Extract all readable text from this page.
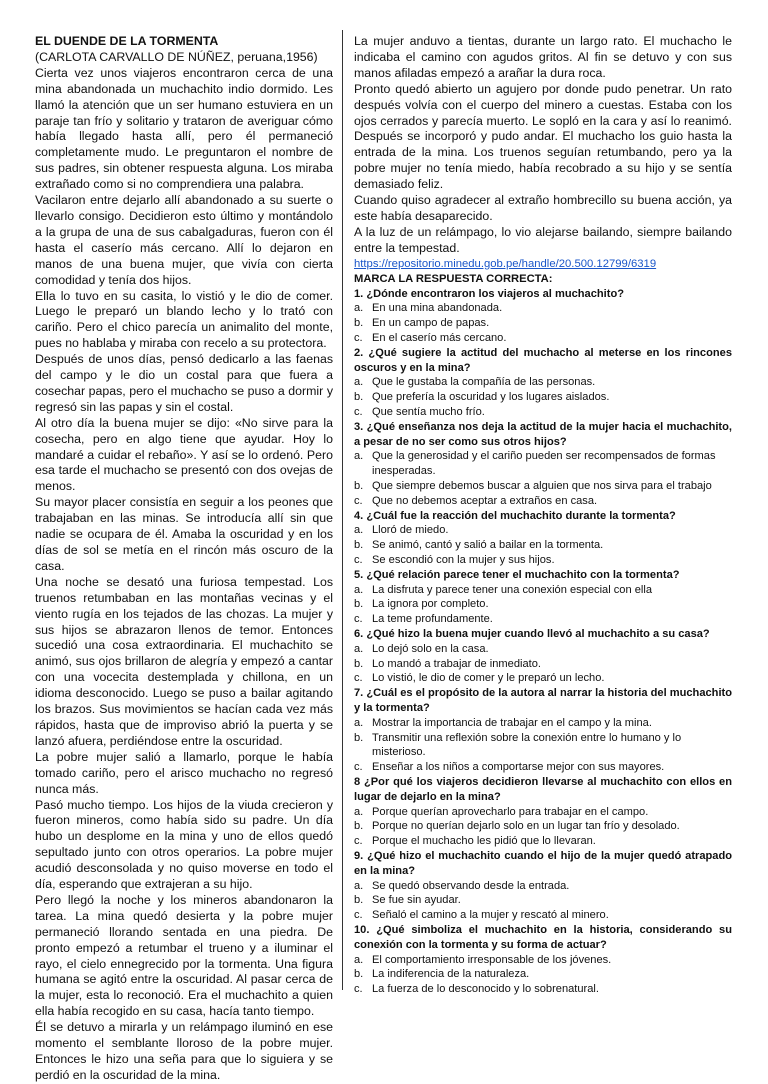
EL DUENDE DE LA TORMENTA

(CARLOTA CARVALLO DE NÚÑEZ, peruana,1956)

Cierta vez unos viajeros encontraron cerca de una mina abandonada un muchachito indio dormido. Les llamó la atención que un ser humano estuviera en un paraje tan frío y solitario y trataron de averiguar cómo había llegado hasta allí, pero él permaneció completamente mudo. Le preguntaron el nombre de sus padres, sin obtener respuesta alguna. Los miraba extrañado como si no comprendiera una palabra.

Vacilaron entre dejarlo allí abandonado a su suerte o llevarlo consigo. Decidieron esto último y montándolo a la grupa de una de sus cabalgaduras, fueron con él hasta el caserío más cercano. Allí lo dejaron en manos de una buena mujer, que vivía con cierta comodidad y tenía dos hijos.

Ella lo tuvo en su casita, lo vistió y le dio de comer. Luego le preparó un blando lecho y lo trató con cariño. Pero el chico parecía un animalito del monte, pues no hablaba y miraba con recelo a su protectora.

Después de unos días, pensó dedicarlo a las faenas del campo y le dio un costal para que fuera a cosechar papas, pero el muchacho se puso a dormir y regresó sin las papas y sin el costal.

Al otro día la buena mujer se dijo: «No sirve para la cosecha, pero en algo tiene que ayudar. Hoy lo mandaré a cuidar el rebaño». Y así se lo ordenó. Pero esa tarde el muchacho se presentó con dos ovejas de menos.

Su mayor placer consistía en seguir a los peones que trabajaban en las minas. Se introducía allí sin que nadie se ocupara de él. Amaba la oscuridad y en los días de sol se metía en el rincón más oscuro de la casa.

Una noche se desató una furiosa tempestad. Los truenos retumbaban en las montañas vecinas y el viento rugía en los tejados de las chozas. La mujer y sus hijos se abrazaron llenos de temor. Entonces sucedió una cosa extraordinaria. El muchachito se animó, sus ojos brillaron de alegría y empezó a cantar con una vocecita destemplada y chillona, en un idioma desconocido. Luego se puso a bailar agitando los brazos. Sus movimientos se hacían cada vez más rápidos, hasta que de improviso abrió la puerta y se lanzó afuera, perdiéndose entre la oscuridad.

La pobre mujer salió a llamarlo, porque le había tomado cariño, pero el arisco muchacho no regresó nunca más.

Pasó mucho tiempo. Los hijos de la viuda crecieron y fueron mineros, como había sido su padre. Un día hubo un desplome en la mina y uno de ellos quedó sepultado junto con otros operarios. La pobre mujer acudió desconsolada y no quiso moverse en todo el día, esperando que extrajeran a su hijo.

Pero llegó la noche y los mineros abandonaron la tarea. La mina quedó desierta y la pobre mujer permaneció llorando sentada en una piedra. De pronto empezó a retumbar el trueno y a iluminar el rayo, el cielo ennegrecido por la tormenta. Una figura humana se agitó entre la oscuridad. Al pasar cerca de la mujer, esta lo reconoció. Era el muchachito a quien ella había recogido en su casa, hacía tanto tiempo.

Él se detuvo a mirarla y un relámpago iluminó en ese momento el semblante lloroso de la pobre mujer. Entonces le hizo una seña para que lo siguiera y se perdió en la oscuridad de la mina.

La mujer anduvo a tientas, durante un largo rato. El muchacho le indicaba el camino con agudos gritos. Al fin se detuvo y con sus manos afiladas empezó a arañar la dura roca.

Pronto quedó abierto un agujero por donde pudo penetrar. Un rato después volvía con el cuerpo del minero a cuestas. Estaba con los ojos cerrados y parecía muerto. Le sopló en la cara y así lo reanimó. Después se incorporó y pudo andar. El muchacho los guio hasta la entrada de la mina. Los truenos seguían retumbando, pero ya la pobre mujer no tenía miedo, había recobrado a su hijo y se sentía demasiado feliz.

Cuando quiso agradecer al extraño hombrecillo su buena acción, ya este había desaparecido.

A la luz de un relámpago, lo vio alejarse bailando, siempre bailando entre la tempestad.

https://repositorio.minedu.gob.pe/handle/20.500.12799/6319

MARCA LA RESPUESTA CORRECTA:

1. ¿Dónde encontraron los viajeros al muchachito?

a. En una mina abandonada.
b. En un campo de papas.
c. En el caserío más cercano.

2. ¿Qué sugiere la actitud del muchacho al meterse en los rincones oscuros y en la mina?

a. Que le gustaba la compañía de las personas.
b. Que prefería la oscuridad y los lugares aislados.
c. Que sentía mucho frío.

3. ¿Qué enseñanza nos deja la actitud de la mujer hacia el muchachito, a pesar de no ser como sus otros hijos?

a. Que la generosidad y el cariño pueden ser recompensados de formas inesperadas.
b. Que siempre debemos buscar a alguien que nos sirva para el trabajo
c. Que no debemos aceptar a extraños en casa.

4. ¿Cuál fue la reacción del muchachito durante la tormenta?

a. Lloró de miedo.
b. Se animó, cantó y salió a bailar en la tormenta.
c. Se escondió con la mujer y sus hijos.

5. ¿Qué relación parece tener el muchachito con la tormenta?

a. La disfruta y parece tener una conexión especial con ella
b. La ignora por completo.
c. La teme profundamente.

6. ¿Qué hizo la buena mujer cuando llevó al muchachito a su casa?

a. Lo dejó solo en la casa.
b. Lo mandó a trabajar de inmediato.
c. Lo vistió, le dio de comer y le preparó un lecho.

7. ¿Cuál es el propósito de la autora al narrar la historia del muchachito y la tormenta?

a. Mostrar la importancia de trabajar en el campo y la mina.
b. Transmitir una reflexión sobre la conexión entre lo humano y lo misterioso.
c. Enseñar a los niños a comportarse mejor con sus mayores.

8 ¿Por qué los viajeros decidieron llevarse al muchachito con ellos en lugar de dejarlo en la mina?

a. Porque querían aprovecharlo para trabajar en el campo.
b. Porque no querían dejarlo solo en un lugar tan frío y desolado.
c. Porque el muchacho les pidió que lo llevaran.

9. ¿Qué hizo el muchachito cuando el hijo de la mujer quedó atrapado en la mina?

a. Se quedó observando desde la entrada.
b. Se fue sin ayudar.
c. Señaló el camino a la mujer y rescató al minero.

10. ¿Qué simboliza el muchachito en la historia, considerando su conexión con la tormenta y su forma de actuar?

a. El comportamiento irresponsable de los jóvenes.
b. La indiferencia de la naturaleza.
c. La fuerza de lo desconocido y lo sobrenatural.
